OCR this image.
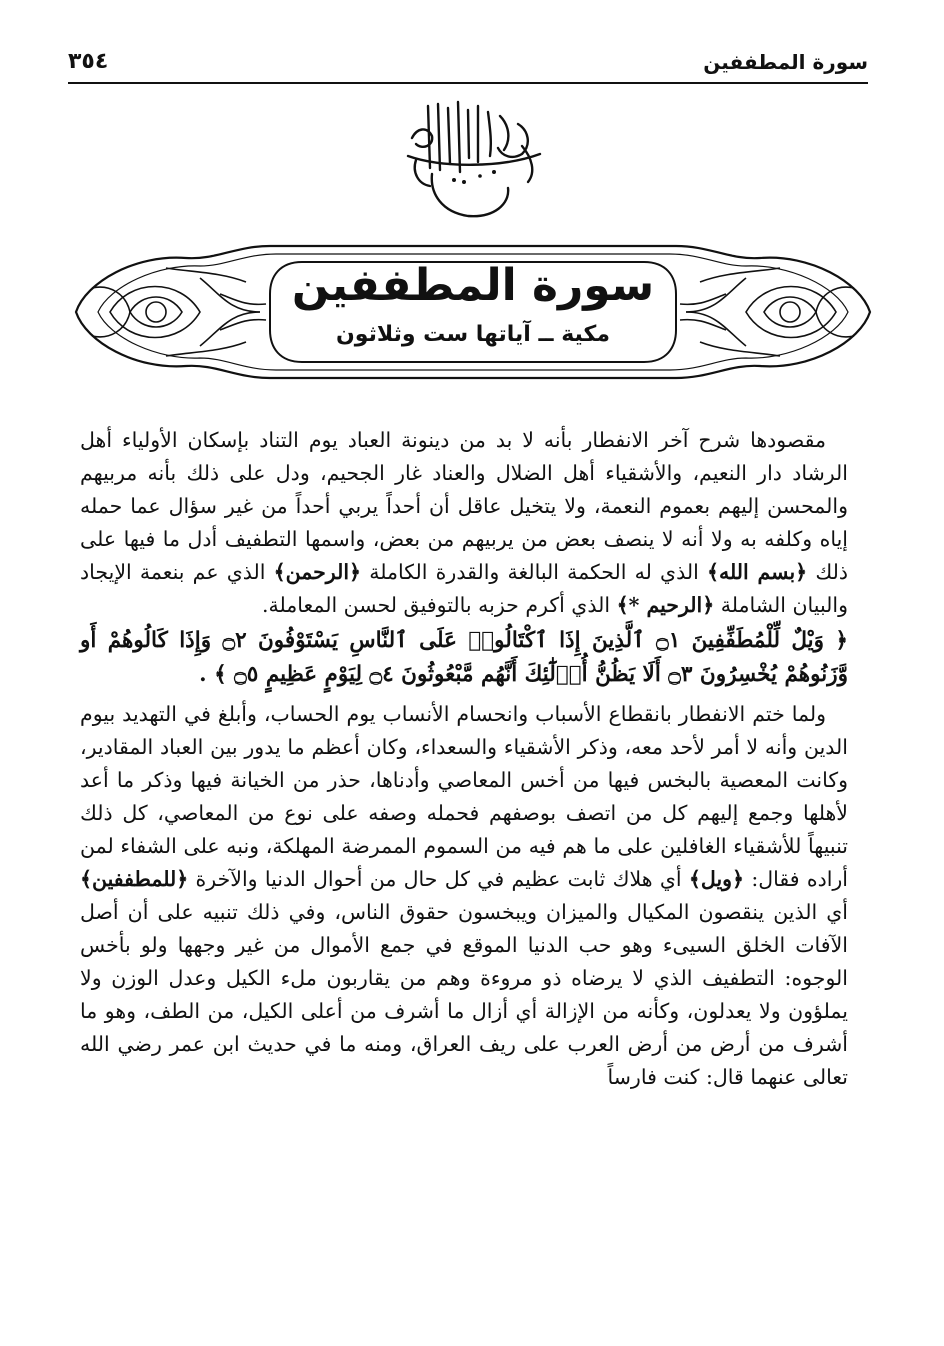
سورة المطففين
٣٥٤
سورة المطففين
مكية ــ آياتها ست وثلاثون

مقصودها شرح آخر الانفطار بأنه لا بد من دينونة العباد يوم التناد بإسكان الأولياء أهل الرشاد دار النعيم، والأشقياء أهل الضلال والعناد غار الجحيم، ودل على ذلك بأنه مربيهم والمحسن إليهم بعموم النعمة، ولا يتخيل عاقل أن أحداً يربي أحداً من غير سؤال عما حمله إياه وكلفه به ولا أنه لا ينصف بعض من يربيهم من بعض، واسمها التطفيف أدل ما فيها على ذلك ﴿بسم الله﴾ الذي له الحكمة البالغة والقدرة الكاملة ﴿الرحمن﴾ الذي عم بنعمة الإيجاد والبيان الشاملة ﴿الرحيم *﴾ الذي أكرم حزبه بالتوفيق لحسن المعاملة.

﴿ وَيْلٌ لِّلْمُطَفِّفِينَ ۝١ ٱلَّذِينَ إِذَا ٱكْتَالُوا۟ عَلَى ٱلنَّاسِ يَسْتَوْفُونَ ۝٢ وَإِذَا كَالُوهُمْ أَو وَّزَنُوهُمْ يُخْسِرُونَ ۝٣ أَلَا يَظُنُّ أُو۟لَٰٓئِكَ أَنَّهُم مَّبْعُوثُونَ ۝٤ لِيَوْمٍ عَظِيمٍ ۝٥ ﴾ .

ولما ختم الانفطار بانقطاع الأسباب وانحسام الأنساب يوم الحساب، وأبلغ في التهديد بيوم الدين وأنه لا أمر لأحد معه، وذكر الأشقياء والسعداء، وكان أعظم ما يدور بين العباد المقادير، وكانت المعصية بالبخس فيها من أخس المعاصي وأدناها، حذر من الخيانة فيها وذكر ما أعد لأهلها وجمع إليهم كل من اتصف بوصفهم فحمله وصفه على نوع من المعاصي، كل ذلك تنبيهاً للأشقياء الغافلين على ما هم فيه من السموم الممرضة المهلكة، ونبه على الشفاء لمن أراده فقال: ﴿ويل﴾ أي هلاك ثابت عظيم في كل حال من أحوال الدنيا والآخرة ﴿للمطففين﴾ أي الذين ينقصون المكيال والميزان ويبخسون حقوق الناس، وفي ذلك تنبيه على أن أصل الآفات الخلق السيىء وهو حب الدنيا الموقع في جمع الأموال من غير وجهها ولو بأخس الوجوه: التطفيف الذي لا يرضاه ذو مروءة وهم من يقاربون ملء الكيل وعدل الوزن ولا يملؤون ولا يعدلون، وكأنه من الإزالة أي أزال ما أشرف من أعلى الكيل، من الطف، وهو ما أشرف من أرض من أرض العرب على ريف العراق، ومنه ما في حديث ابن عمر رضي الله تعالى عنهما قال: كنت فارساً
